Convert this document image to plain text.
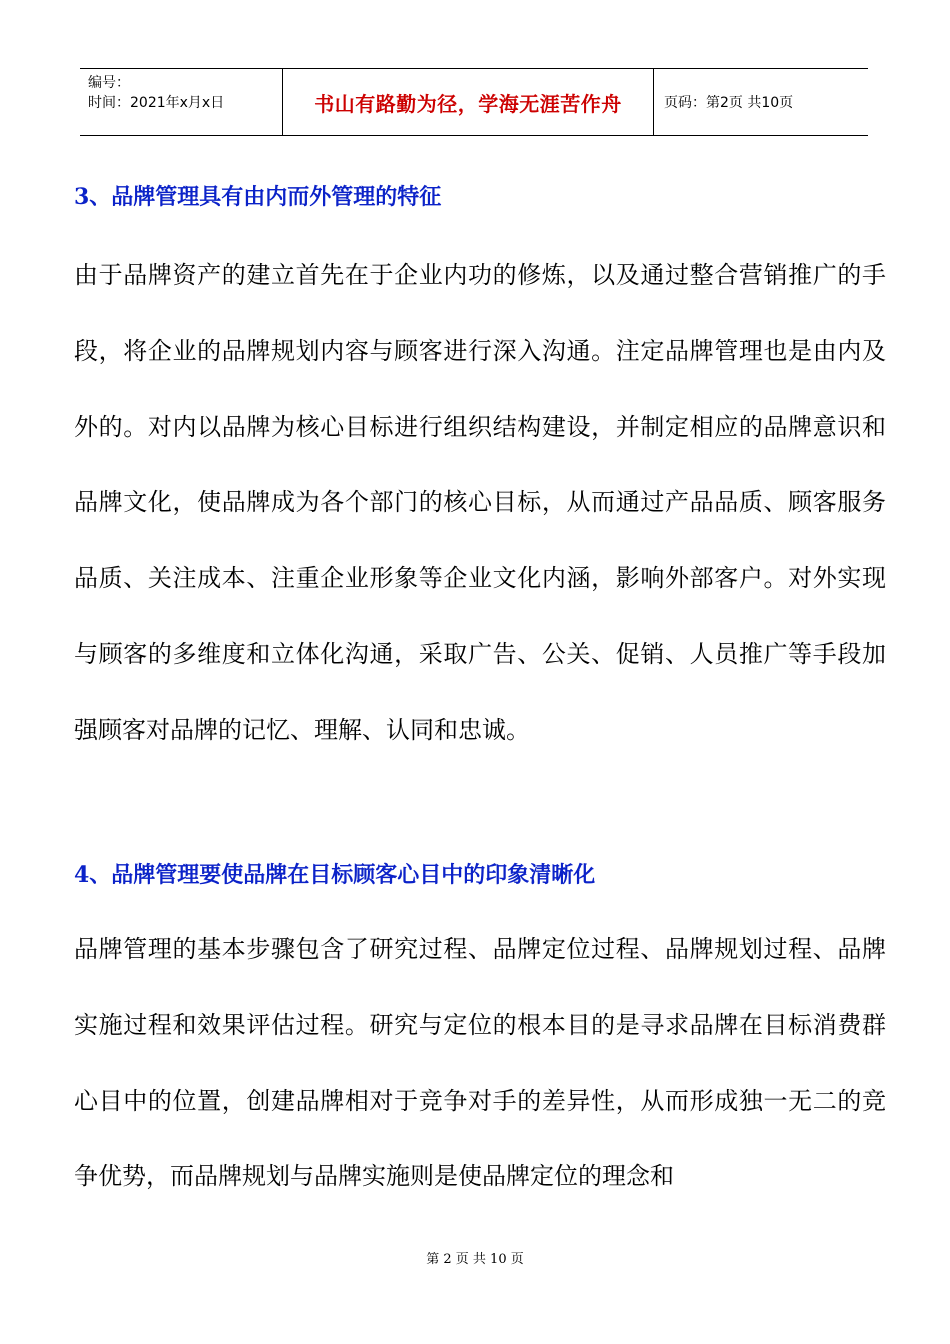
编号：
时间：2021年x月x日	书山有路勤为径，学海无涯苦作舟	页码：第2页 共10页
3、品牌管理具有由内而外管理的特征

由于品牌资产的建立首先在于企业内功的修炼，以及通过整合营销推广的手段，将企业的品牌规划内容与顾客进行深入沟通。注定品牌管理也是由内及外的。对内以品牌为核心目标进行组织结构建设，并制定相应的品牌意识和品牌文化，使品牌成为各个部门的核心目标，从而通过产品品质、顾客服务品质、关注成本、注重企业形象等企业文化内涵，影响外部客户。对外实现与顾客的多维度和立体化沟通，采取广告、公关、促销、人员推广等手段加强顾客对品牌的记忆、理解、认同和忠诚。

4、品牌管理要使品牌在目标顾客心目中的印象清晰化

品牌管理的基本步骤包含了研究过程、品牌定位过程、品牌规划过程、品牌实施过程和效果评估过程。研究与定位的根本目的是寻求品牌在目标消费群心目中的位置，创建品牌相对于竞争对手的差异性，从而形成独一无二的竞争优势，而品牌规划与品牌实施则是使品牌定位的理念和

第 2 页 共 10 页
